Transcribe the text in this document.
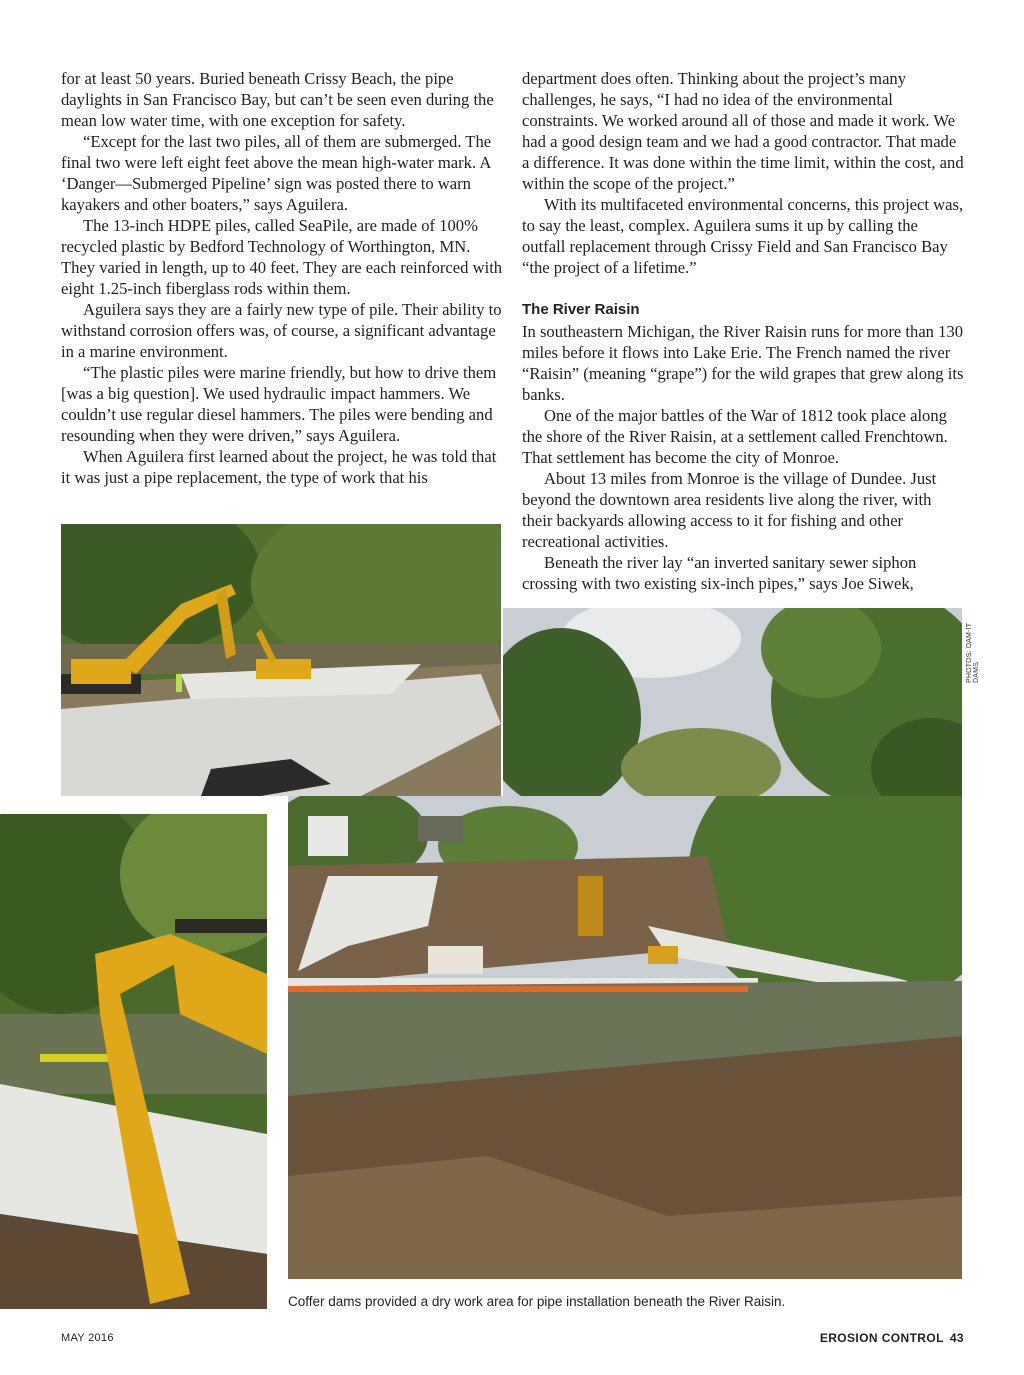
for at least 50 years. Buried beneath Crissy Beach, the pipe daylights in San Francisco Bay, but can’t be seen even during the mean low water time, with one exception for safety.

“Except for the last two piles, all of them are submerged. The final two were left eight feet above the mean high-water mark. A ‘Danger—Submerged Pipeline’ sign was posted there to warn kayakers and other boaters,” says Aguilera.

The 13-inch HDPE piles, called SeaPile, are made of 100% recycled plastic by Bedford Technology of Worthington, MN. They varied in length, up to 40 feet. They are each reinforced with eight 1.25-inch fiberglass rods within them.

Aguilera says they are a fairly new type of pile. Their ability to withstand corrosion offers was, of course, a significant advantage in a marine environment.

“The plastic piles were marine friendly, but how to drive them [was a big question]. We used hydraulic impact hammers. We couldn’t use regular diesel hammers. The piles were bending and resounding when they were driven,” says Aguilera.

When Aguilera first learned about the project, he was told that it was just a pipe replacement, the type of work that his

department does often. Thinking about the project’s many challenges, he says, “I had no idea of the environmental constraints. We worked around all of those and made it work. We had a good design team and we had a good contractor. That made a difference. It was done within the time limit, within the cost, and within the scope of the project.”

With its multifaceted environmental concerns, this project was, to say the least, complex. Aguilera sums it up by calling the outfall replacement through Crissy Field and San Francisco Bay “the project of a lifetime.”

The River Raisin

In southeastern Michigan, the River Raisin runs for more than 130 miles before it flows into Lake Erie. The French named the river “Raisin” (meaning “grape”) for the wild grapes that grew along its banks.

One of the major battles of the War of 1812 took place along the shore of the River Raisin, at a settlement called Frenchtown. That settlement has become the city of Monroe.

About 13 miles from Monroe is the village of Dundee. Just beyond the downtown area residents live along the river, with their backyards allowing access to it for fishing and other recreational activities.

Beneath the river lay “an inverted sanitary sewer siphon crossing with two existing six-inch pipes,” says Joe Siwek,

PHOTOS: DAM-IT DAMS
Coffer dams provided a dry work area for pipe installation beneath the River Raisin.
MAY 2016	EROSION CONTROL 43
